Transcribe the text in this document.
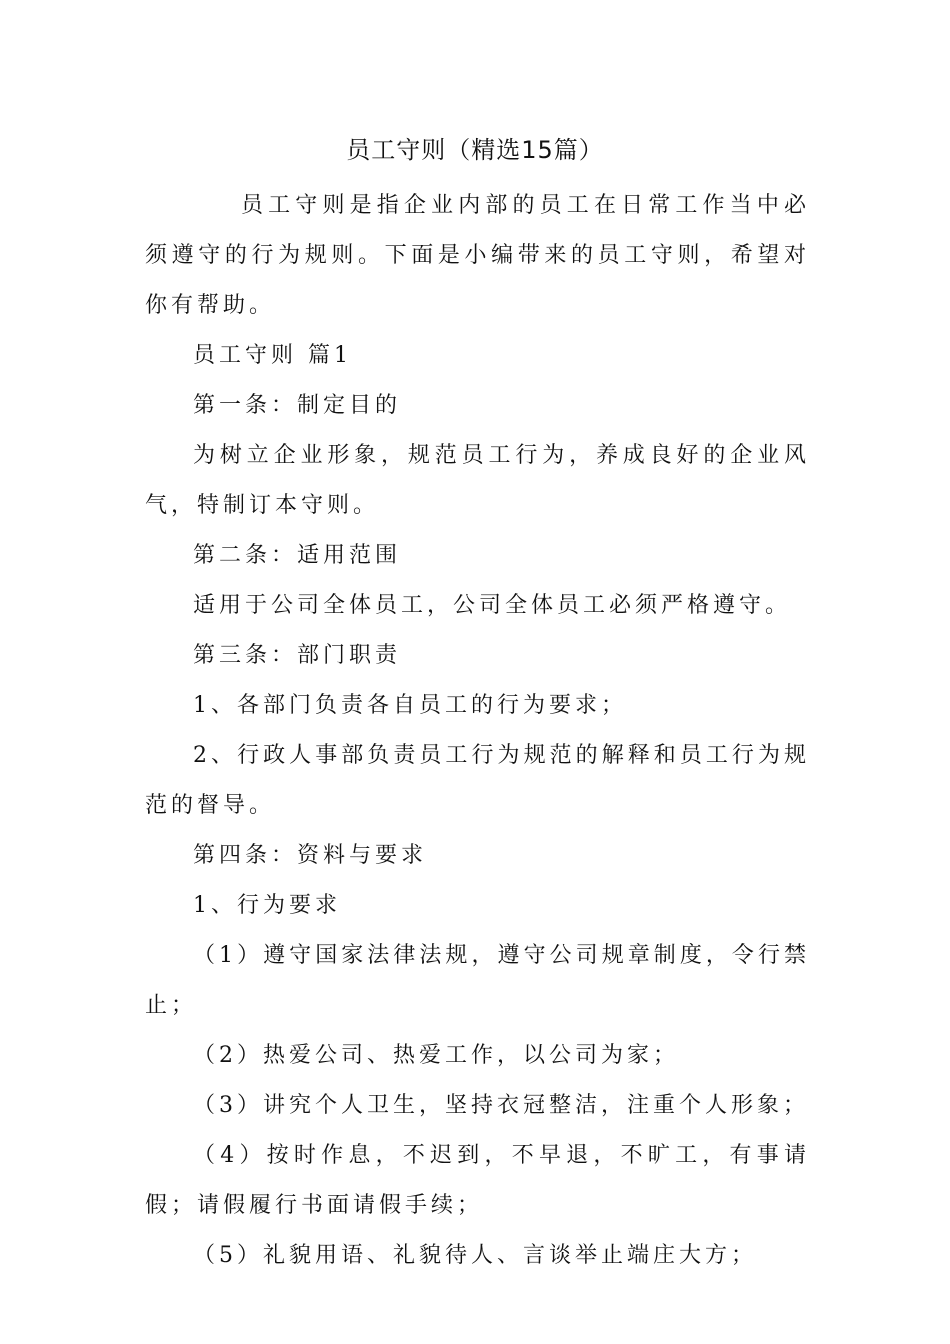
员工守则（精选15篇）

员工守则是指企业内部的员工在日常工作当中必须遵守的行为规则。下面是小编带来的员工守则，希望对你有帮助。

员工守则 篇1

第一条：制定目的

为树立企业形象，规范员工行为，养成良好的企业风气，特制订本守则。

第二条：适用范围

适用于公司全体员工，公司全体员工必须严格遵守。

第三条：部门职责

1、各部门负责各自员工的行为要求；

2、行政人事部负责员工行为规范的解释和员工行为规范的督导。

第四条：资料与要求

1、行为要求

（1）遵守国家法律法规，遵守公司规章制度，令行禁止；

（2）热爱公司、热爱工作，以公司为家；

（3）讲究个人卫生，坚持衣冠整洁，注重个人形象；

（4）按时作息，不迟到，不早退，不旷工，有事请假；请假履行书面请假手续；

（5）礼貌用语、礼貌待人、言谈举止端庄大方；
